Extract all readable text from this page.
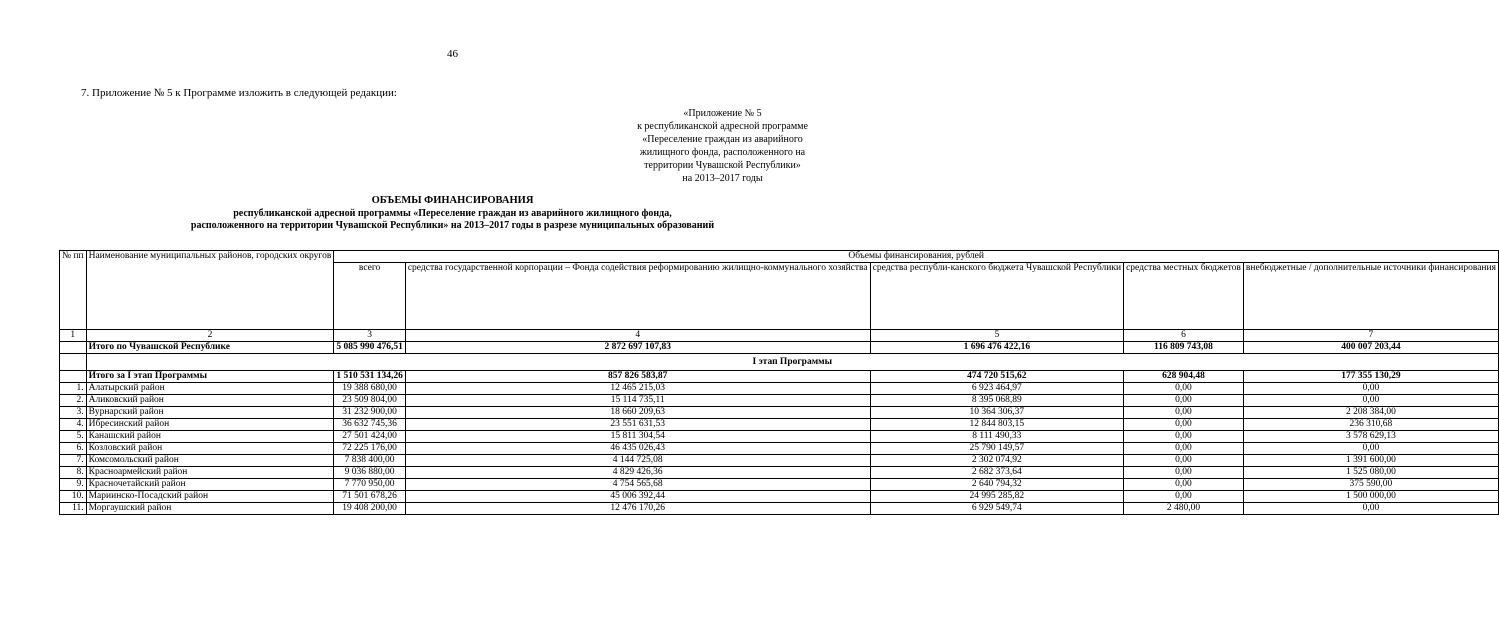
46
7. Приложение № 5 к Программе изложить в следующей редакции:
«Приложение № 5
к республиканской адресной программе
«Переселение граждан из аварийного
жилищного фонда, расположенного на
территории Чувашской Республики»
на 2013–2017 годы
ОБЪЕМЫ ФИНАНСИРОВАНИЯ
республиканской адресной программы «Переселение граждан из аварийного жилищного фонда,
расположенного на территории Чувашской Республики» на 2013–2017 годы в разрезе муниципальных образований
№ пп	Наименование муниципальных районов, городских округов	Объемы финансирования, рублей				
		всего	средства государственной корпорации – Фонда содействия реформированию жилищно-коммунального хозяйства	средства республи-канского бюджета Чувашской Республики	средства местных бюджетов	внебюджетные / дополнительные источники финансирования
1	2	3	4	5	6	7
	Итого по Чувашской Республике	5 085 990 476,51	2 872 697 107,83	1 696 476 422,16	116 809 743,08	400 007 203,44
	I этап Программы					
	Итого за I этап Программы	1 510 531 134,26	857 826 583,87	474 720 515,62	628 904,48	177 355 130,29
1.	Алатырский район	19 388 680,00	12 465 215,03	6 923 464,97	0,00	0,00
2.	Аликовский район	23 509 804,00	15 114 735,11	8 395 068,89	0,00	0,00
3.	Вурнарский район	31 232 900,00	18 660 209,63	10 364 306,37	0,00	2 208 384,00
4.	Ибресинский район	36 632 745,36	23 551 631,53	12 844 803,15	0,00	236 310,68
5.	Канашский район	27 501 424,00	15 811 304,54	8 111 490,33	0,00	3 578 629,13
6.	Козловский район	72 225 176,00	46 435 026,43	25 790 149,57	0,00	0,00
7.	Комсомольский район	7 838 400,00	4 144 725,08	2 302 074,92	0,00	1 391 600,00
8.	Красноармейский район	9 036 880,00	4 829 426,36	2 682 373,64	0,00	1 525 080,00
9.	Красночетайский район	7 770 950,00	4 754 565,68	2 640 794,32	0,00	375 590,00
10.	Мариинско-Посадский район	71 501 678,26	45 006 392,44	24 995 285,82	0,00	1 500 000,00
11.	Моргаушский район	19 408 200,00	12 476 170,26	6 929 549,74	2 480,00	0,00
